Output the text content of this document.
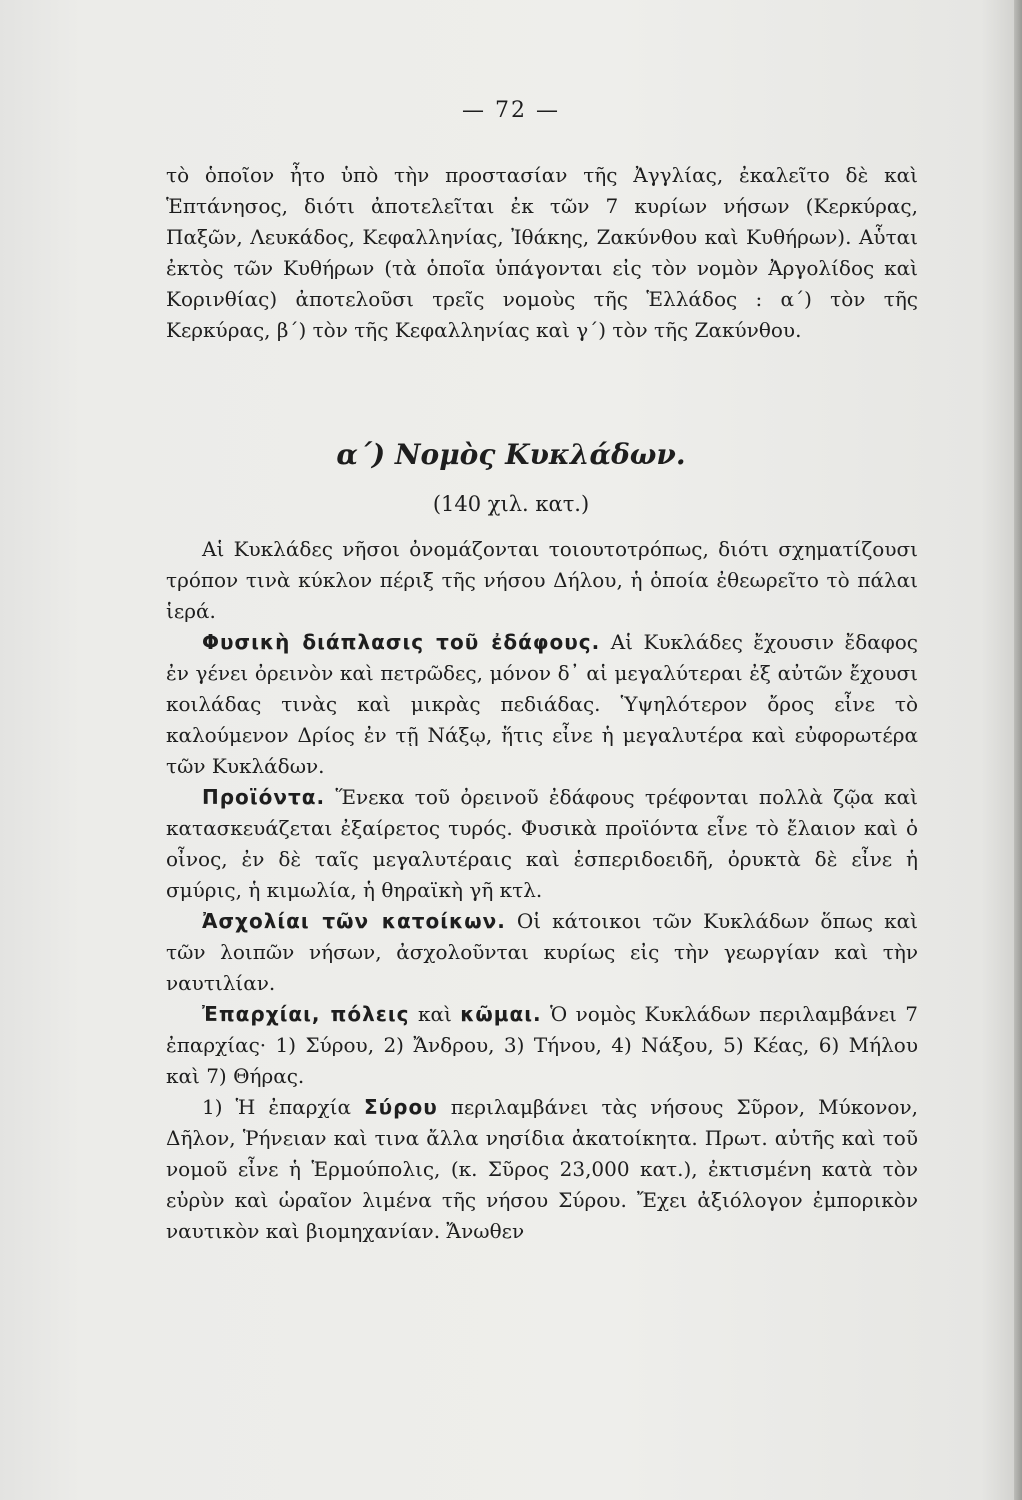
— 72 —

τὸ ὁποῖον ἦτο ὑπὸ τὴν προστασίαν τῆς Ἀγγλίας, ἐκαλεῖτο δὲ καὶ Ἑπτάνησος, διότι ἀποτελεῖται ἐκ τῶν 7 κυρίων νήσων (Κερκύρας, Παξῶν, Λευκάδος, Κεφαλληνίας, Ἰθάκης, Ζακύνθου καὶ Κυθήρων). Αὗται ἐκτὸς τῶν Κυθήρων (τὰ ὁποῖα ὑπάγονται εἰς τὸν νομὸν Ἀργολίδος καὶ Κορινθίας) ἀποτελοῦσι τρεῖς νομοὺς τῆς Ἑλλάδος : α΄) τὸν τῆς Κερκύρας, β΄) τὸν τῆς Κεφαλληνίας καὶ γ΄) τὸν τῆς Ζακύνθου.

α΄) Νομὸς Κυκλάδων.
(140 χιλ. κατ.)

Αἱ Κυκλάδες νῆσοι ὀνομάζονται τοιουτοτρόπως, διότι σχηματίζουσι τρόπον τινὰ κύκλον πέριξ τῆς νήσου Δήλου, ἡ ὁποία ἐθεωρεῖτο τὸ πάλαι ἱερά.

Φυσικὴ διάπλασις τοῦ ἐδάφους. Αἱ Κυκλάδες ἔχουσιν ἔδαφος ἐν γένει ὀρεινὸν καὶ πετρῶδες, μόνον δ᾽ αἱ μεγαλύτεραι ἐξ αὐτῶν ἔχουσι κοιλάδας τινὰς καὶ μικρὰς πεδιάδας. Ὑψηλότερον ὄρος εἶνε τὸ καλούμενον Δρίος ἐν τῇ Νάξῳ, ἥτις εἶνε ἡ μεγαλυτέρα καὶ εὐφορωτέρα τῶν Κυκλάδων.

Προϊόντα. Ἕνεκα τοῦ ὀρεινοῦ ἐδάφους τρέφονται πολλὰ ζῷα καὶ κατασκευάζεται ἐξαίρετος τυρός. Φυσικὰ προϊόντα εἶνε τὸ ἔλαιον καὶ ὁ οἶνος, ἐν δὲ ταῖς μεγαλυτέραις καὶ ἑσπεριδοειδῆ, ὀρυκτὰ δὲ εἶνε ἡ σμύρις, ἡ κιμωλία, ἡ θηραϊκὴ γῆ κτλ.

Ἀσχολίαι τῶν κατοίκων. Οἱ κάτοικοι τῶν Κυκλάδων ὅπως καὶ τῶν λοιπῶν νήσων, ἀσχολοῦνται κυρίως εἰς τὴν γεωργίαν καὶ τὴν ναυτιλίαν.

Ἐπαρχίαι, πόλεις καὶ κῶμαι. Ὁ νομὸς Κυκλάδων περιλαμβάνει 7 ἐπαρχίας· 1) Σύρου, 2) Ἄνδρου, 3) Τήνου, 4) Νάξου, 5) Κέας, 6) Μήλου καὶ 7) Θήρας.

1) Ἡ ἐπαρχία Σύρου περιλαμβάνει τὰς νήσους Σῦρον, Μύκονον, Δῆλον, Ῥήνειαν καὶ τινα ἄλλα νησίδια ἀκατοίκητα. Πρωτ. αὐτῆς καὶ τοῦ νομοῦ εἶνε ἡ Ἑρμούπολις, (κ. Σῦρος 23,000 κατ.), ἐκτισμένη κατὰ τὸν εὐρὺν καὶ ὡραῖον λιμένα τῆς νήσου Σύρου. Ἔχει ἀξιόλογον ἐμπορικὸν ναυτικὸν καὶ βιομηχανίαν. Ἄνωθεν
